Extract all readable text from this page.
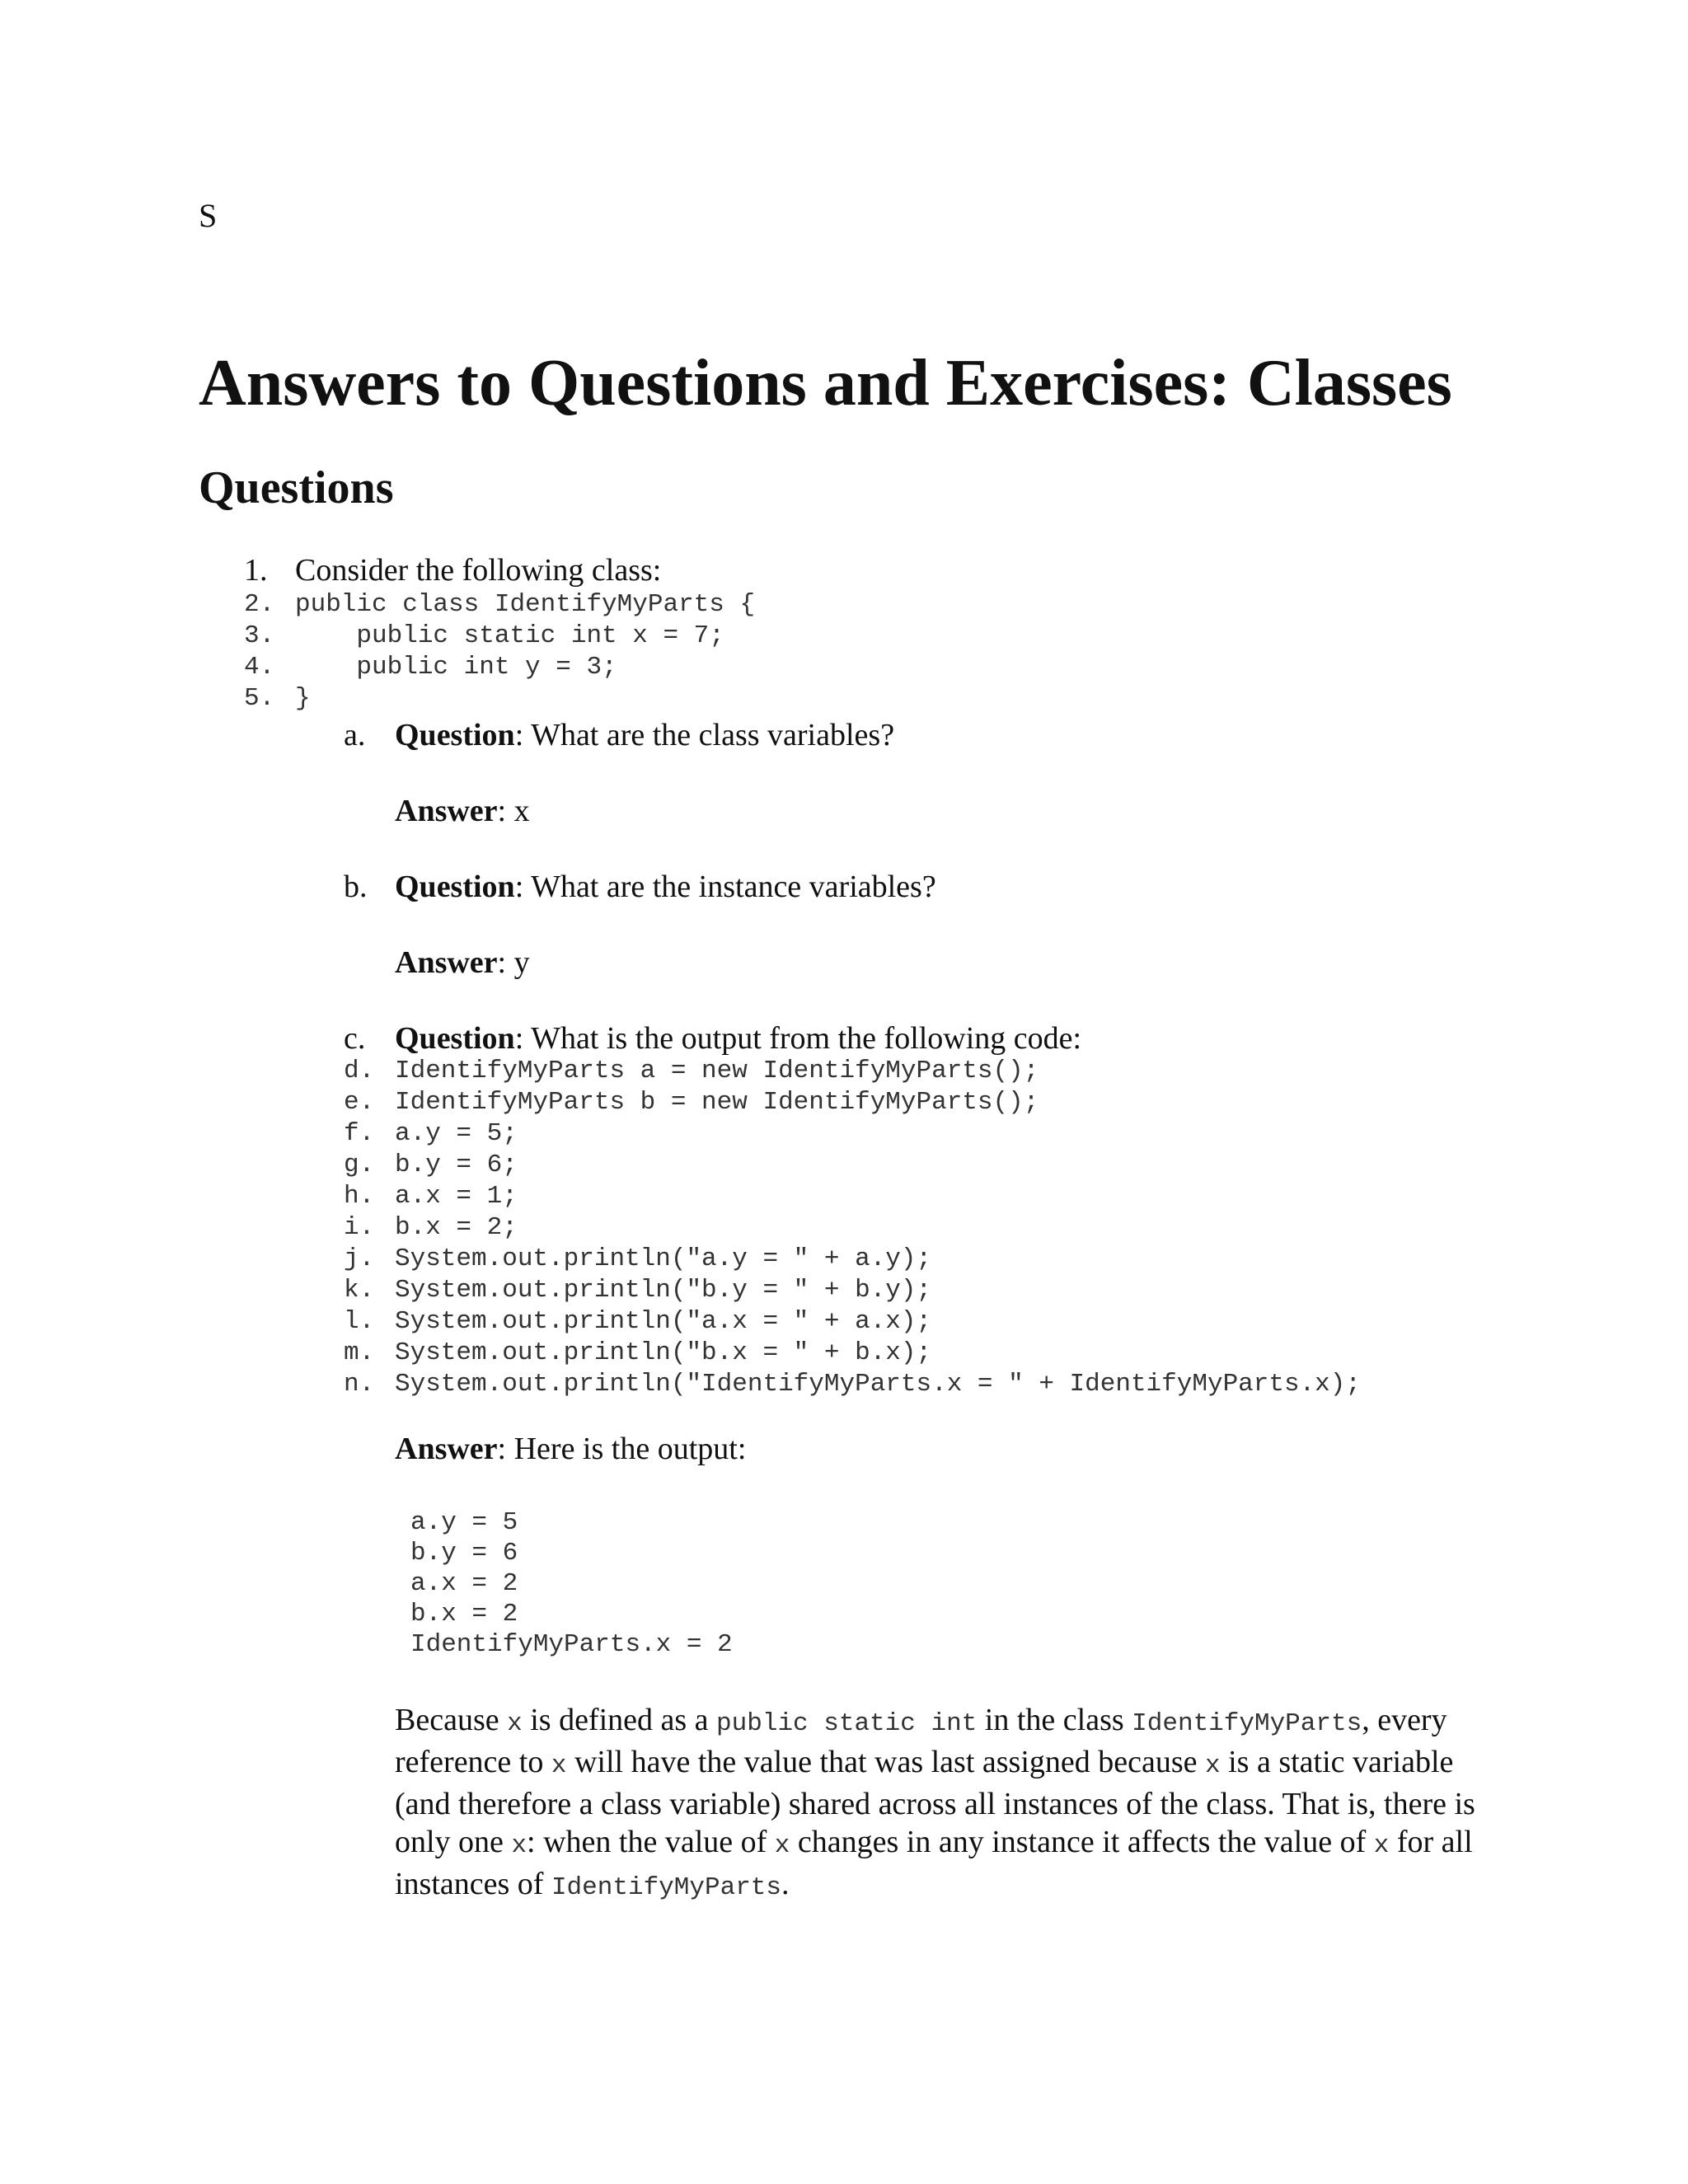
S
Answers to Questions and Exercises: Classes
Questions
1. Consider the following class:
2. public class IdentifyMyParts {
3. public static int x = 7;
4. public int y = 3;
5. }
a. Question: What are the class variables?
Answer: x
b. Question: What are the instance variables?
Answer: y
c. Question: What is the output from the following code:
d. IdentifyMyParts a = new IdentifyMyParts();
e. IdentifyMyParts b = new IdentifyMyParts();
f. a.y = 5;
g. b.y = 6;
h. a.x = 1;
i. b.x = 2;
j. System.out.println("a.y = " + a.y);
k. System.out.println("b.y = " + b.y);
l. System.out.println("a.x = " + a.x);
m. System.out.println("b.x = " + b.x);
n. System.out.println("IdentifyMyParts.x = " + IdentifyMyParts.x);
Answer: Here is the output:
a.y = 5
b.y = 6
a.x = 2
b.x = 2
IdentifyMyParts.x = 2

Because x is defined as a public static int in the class IdentifyMyParts, every reference to x will have the value that was last assigned because x is a static variable (and therefore a class variable) shared across all instances of the class. That is, there is only one x: when the value of x changes in any instance it affects the value of x for all instances of IdentifyMyParts.
